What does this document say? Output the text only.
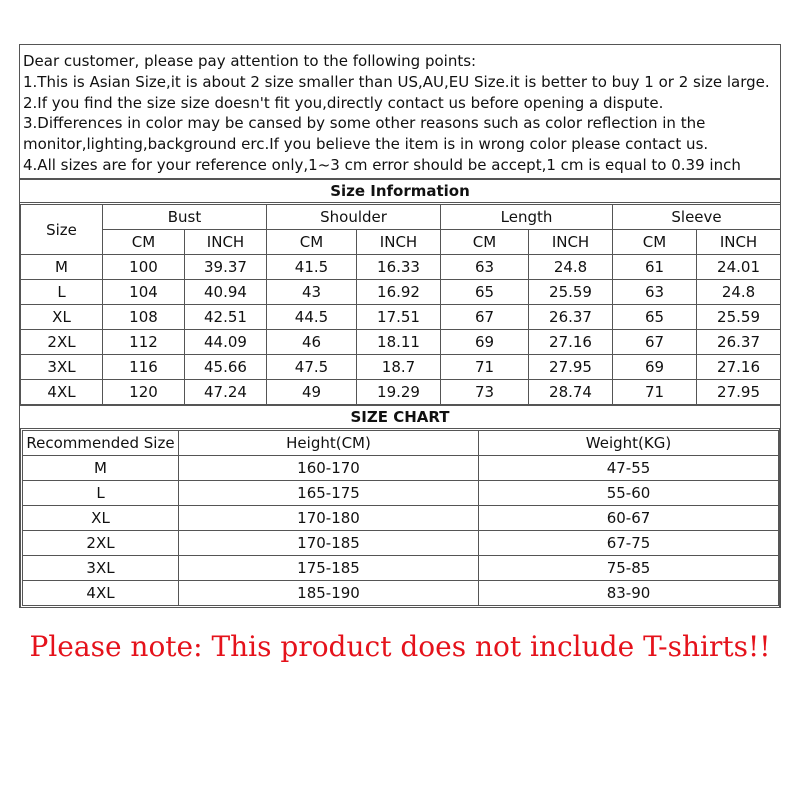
Dear customer, please pay attention to the following points:
1.This is Asian Size,it is about 2 size smaller than US,AU,EU Size.it is better to buy 1 or 2 size large.
2.If you find the size size doesn't fit you,directly contact us before opening a dispute.
3.Differences in color may be cansed by some other reasons such as color reflection in the
monitor,lighting,background erc.If you believe the item is in wrong color please contact us.
4.All sizes are for your reference only,1~3 cm error should be accept,1 cm is equal to 0.39 inch
Size Information
Size	Bust		Shoulder		Length		Sleeve	
	CM	INCH	CM	INCH	CM	INCH	CM	INCH
M	100	39.37	41.5	16.33	63	24.8	61	24.01
L	104	40.94	43	16.92	65	25.59	63	24.8
XL	108	42.51	44.5	17.51	67	26.37	65	25.59
2XL	112	44.09	46	18.11	69	27.16	67	26.37
3XL	116	45.66	47.5	18.7	71	27.95	69	27.16
4XL	120	47.24	49	19.29	73	28.74	71	27.95
SIZE CHART
Recommended Size	Height(CM)	Weight(KG)
M	160-170	47-55
L	165-175	55-60
XL	170-180	60-67
2XL	170-185	67-75
3XL	175-185	75-85
4XL	185-190	83-90
Please note: This product does not include T-shirts!!
